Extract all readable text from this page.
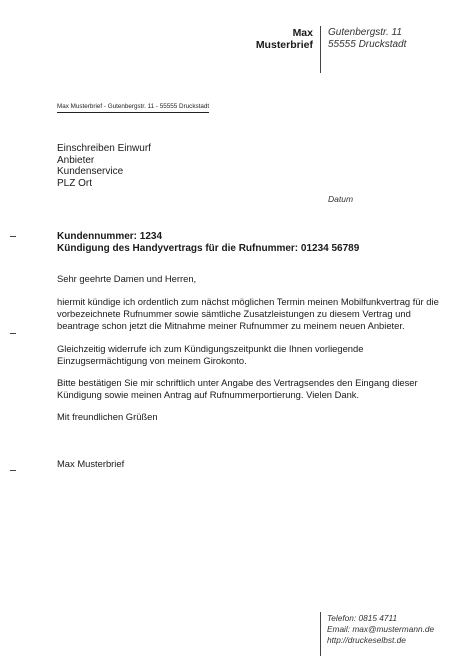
Max
Musterbrief
Gutenbergstr. 11
55555 Druckstadt
Max Musterbrief - Gutenbergstr. 11 - 55555 Druckstadt
Einschreiben Einwurf
Anbieter
Kundenservice
PLZ Ort
Datum
Kundennummer: 1234
Kündigung des Handyvertrags für die Rufnummer: 01234 56789
Sehr geehrte Damen und Herren,
hiermit kündige ich ordentlich zum nächst möglichen Termin meinen Mobilfunkvertrag für die
vorbezeichnete Rufnummer sowie sämtliche Zusatzleistungen zu diesem Vertrag und
beantrage schon jetzt die Mitnahme meiner Rufnummer zu meinem neuen Anbieter.
Gleichzeitig widerrufe ich zum Kündigungszeitpunkt die Ihnen vorliegende
Einzugsermächtigung von meinem Girokonto.
Bitte bestätigen Sie mir schriftlich unter Angabe des Vertragsendes den Eingang dieser
Kündigung sowie meinen Antrag auf Rufnummerportierung. Vielen Dank.
Mit freundlichen Grüßen
Max Musterbrief
Telefon: 0815 4711
Email: max@mustermann.de
http://druckeselbst.de
